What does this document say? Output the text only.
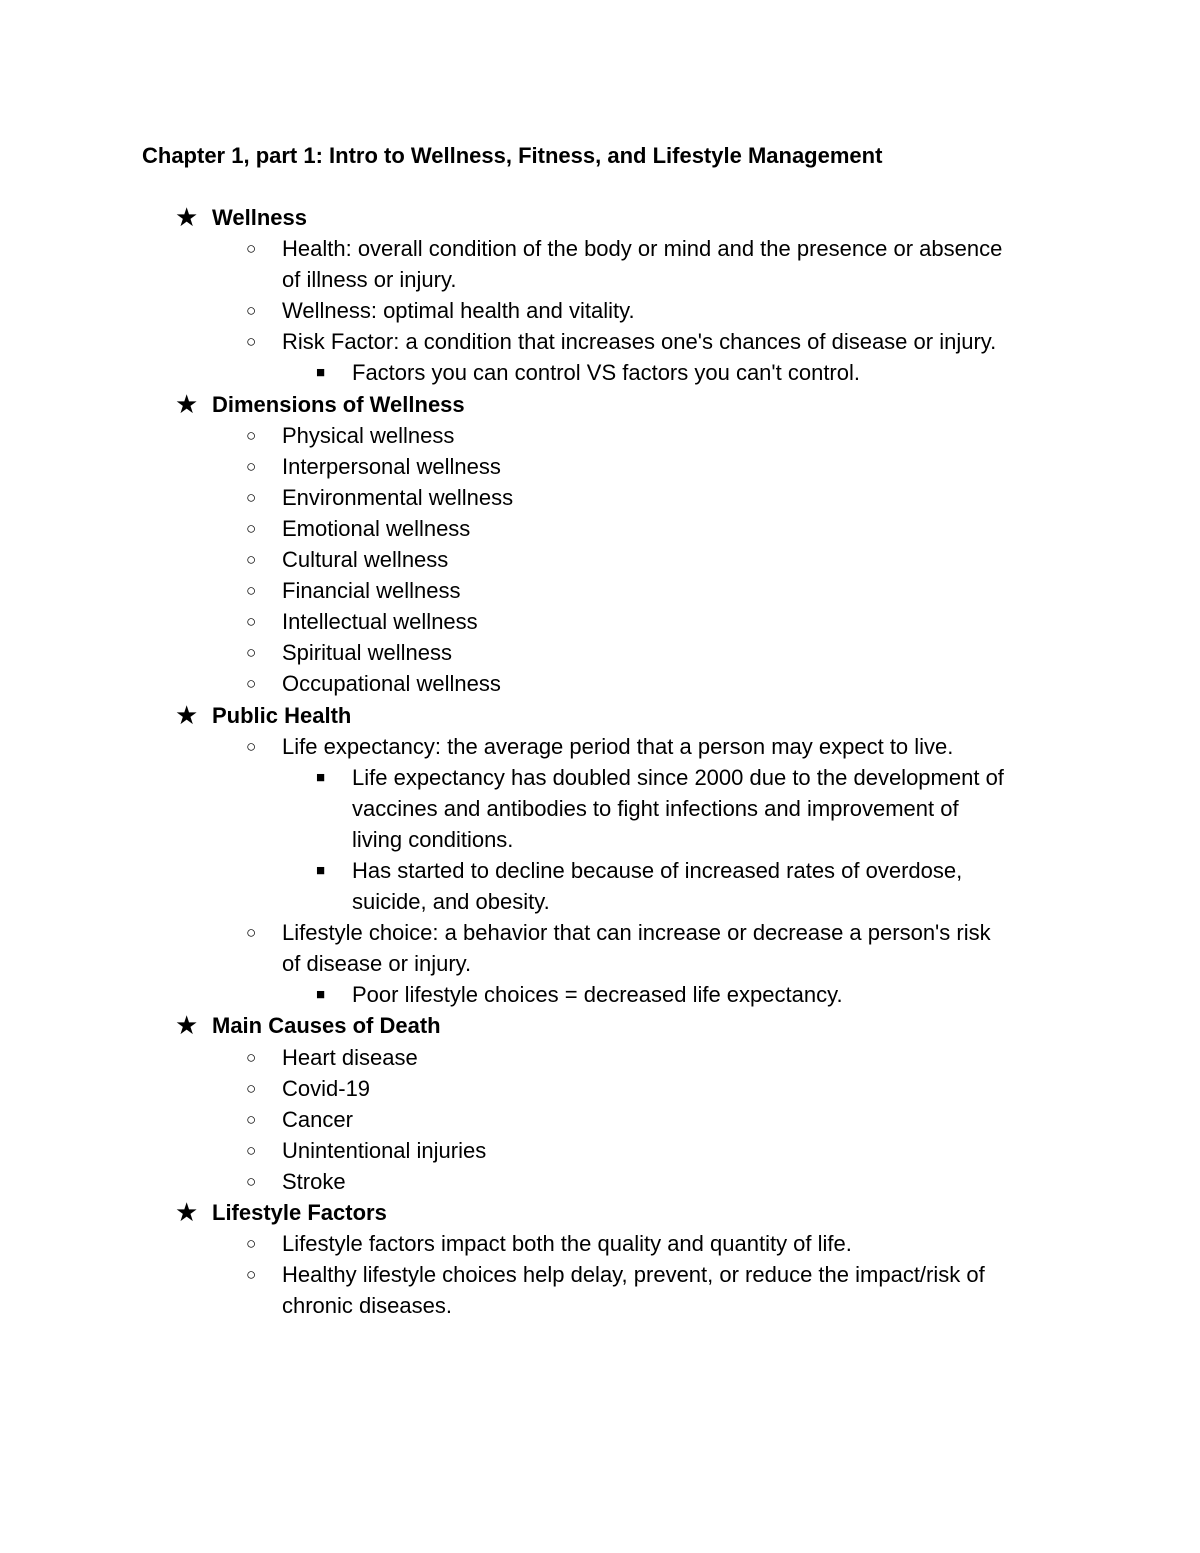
Chapter 1, part 1: Intro to Wellness, Fitness, and Lifestyle Management
★ Wellness
○ Health: overall condition of the body or mind and the presence or absence
of illness or injury.
○ Wellness: optimal health and vitality.
○ Risk Factor: a condition that increases one's chances of disease or injury.
■ Factors you can control VS factors you can't control.
★ Dimensions of Wellness
○ Physical wellness
○ Interpersonal wellness
○ Environmental wellness
○ Emotional wellness
○ Cultural wellness
○ Financial wellness
○ Intellectual wellness
○ Spiritual wellness
○ Occupational wellness
★ Public Health
○ Life expectancy: the average period that a person may expect to live.
■ Life expectancy has doubled since 2000 due to the development of
vaccines and antibodies to fight infections and improvement of
living conditions.
■ Has started to decline because of increased rates of overdose,
suicide, and obesity.
○ Lifestyle choice: a behavior that can increase or decrease a person's risk
of disease or injury.
■ Poor lifestyle choices = decreased life expectancy.
★ Main Causes of Death
○ Heart disease
○ Covid-19
○ Cancer
○ Unintentional injuries
○ Stroke
★ Lifestyle Factors
○ Lifestyle factors impact both the quality and quantity of life.
○ Healthy lifestyle choices help delay, prevent, or reduce the impact/risk of
chronic diseases.
